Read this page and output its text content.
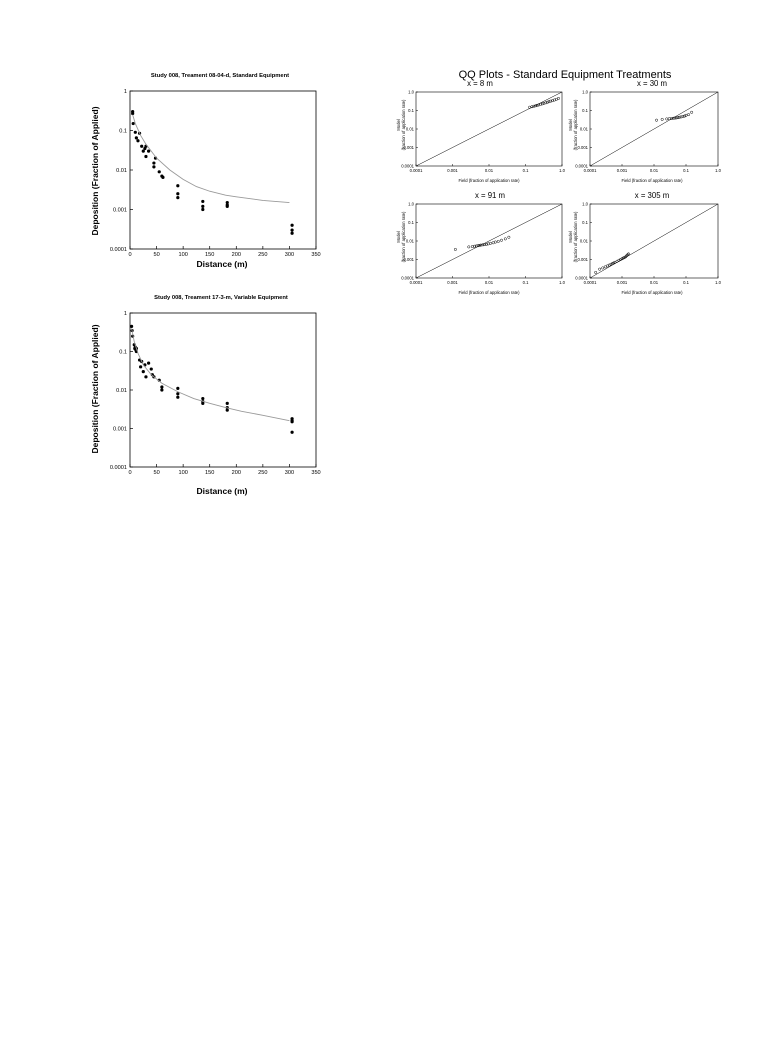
Study 008, Treament 08-04-d, Standard Equipment
Deposition (Fraction of Applied)
Distance (m)
1
0.1
0.01
0.001
0.0001
0	50	100	150	200	250	300	350
Study 008, Treament 17-3-m, Variable Equipment
Deposition (Fraction of Applied)
Distance (m)
1
0.1
0.01
0.001
0.0001
0	50	100	150	200	250	300	350
QQ Plots - Standard Equipment Treatments
x = 8 m	x = 30 m
x = 91 m	x = 305 m
Model (fraction of application rate)	Model (fraction of application rate)
Model (fraction of application rate)	Model (fraction of application rate)
Field (fraction of application rate)	Field (fraction of application rate)
Field (fraction of application rate)	Field (fraction of application rate)
1.0
0.1
0.01
0.001
0.0001
0.0001	0.001	0.01	0.1	1.0
1.0
0.1
0.01
0.001
0.0001
0.0001	0.001	0.01	0.1	1.0
1.0
0.1
0.01
0.001
0.0001
0.0001	0.001	0.01	0.1	1.0
1.0
0.1
0.01
0.001
0.0001
0.0001	0.001	0.01	0.1	1.0
